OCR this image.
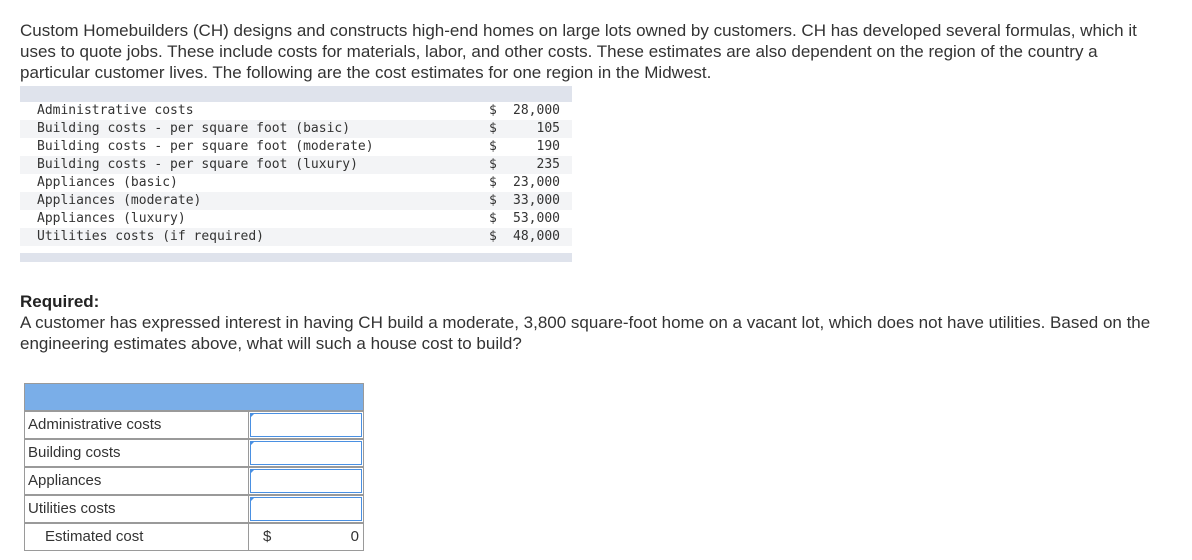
Custom Homebuilders (CH) designs and constructs high-end homes on large lots owned by customers. CH has developed several formulas, which it uses to quote jobs. These include costs for materials, labor, and other costs. These estimates are also dependent on the region of the country a particular customer lives. The following are the cost estimates for one region in the Midwest.
Administrative costs	$ 28,000
Building costs - per square foot (basic)	$	105
Building costs - per square foot (moderate)	$	190
Building costs - per square foot (luxury)	$	235
Appliances (basic)	$ 23,000
Appliances (moderate)	$ 33,000
Appliances (luxury)	$ 53,000
Utilities costs (if required)	$ 48,000
Required:
A customer has expressed interest in having CH build a moderate, 3,800 square-foot home on a vacant lot, which does not have utilities. Based on the engineering estimates above, what will such a house cost to build?
Administrative costs
Building costs
Appliances
Utilities costs
Estimated cost	$	0
